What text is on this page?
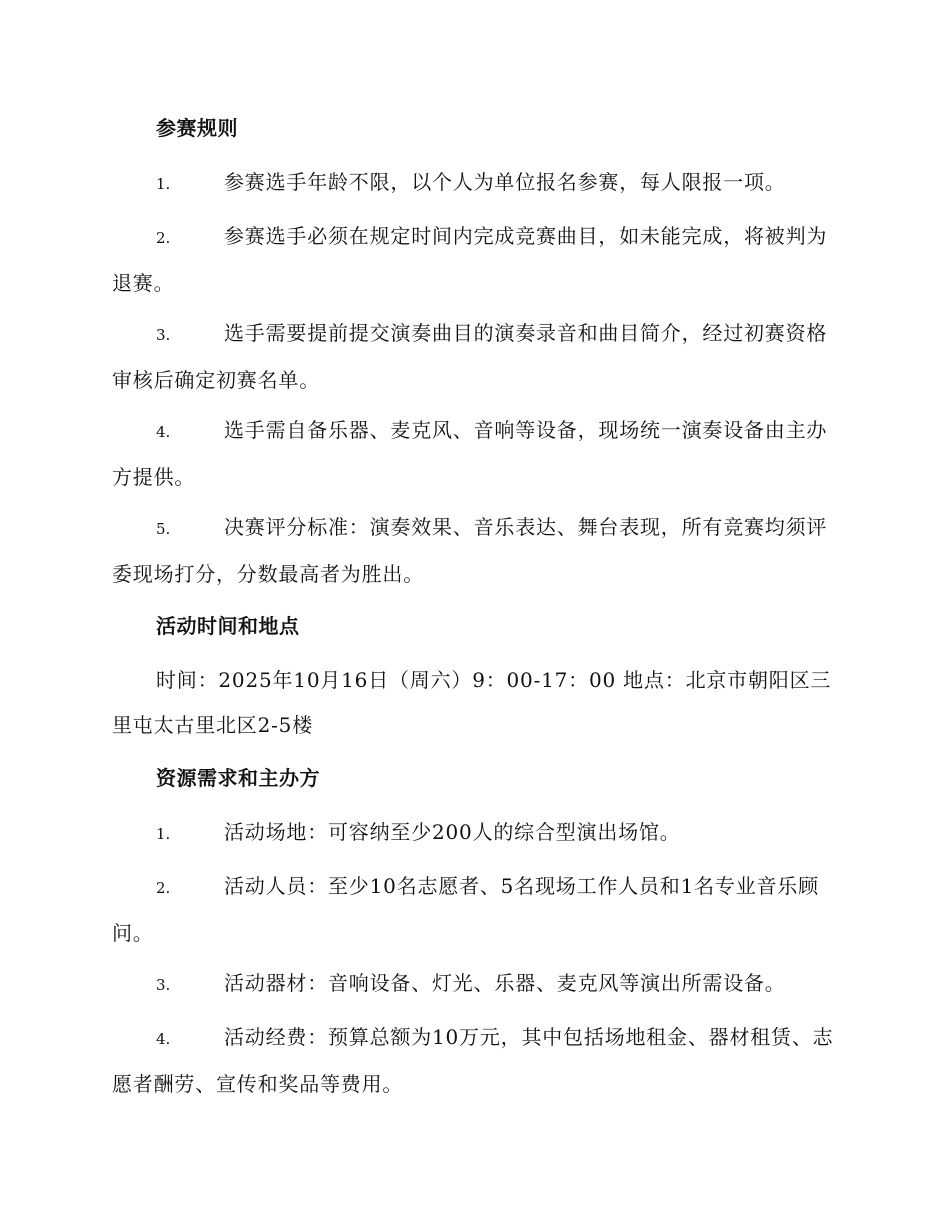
参赛规则
1.	参赛选手年龄不限，以个人为单位报名参赛，每人限报一项。
2.	参赛选手必须在规定时间内完成竞赛曲目，如未能完成，将被判为退赛。
3.	选手需要提前提交演奏曲目的演奏录音和曲目简介，经过初赛资格审核后确定初赛名单。
4.	选手需自备乐器、麦克风、音响等设备，现场统一演奏设备由主办方提供。
5.	决赛评分标准：演奏效果、音乐表达、舞台表现，所有竞赛均须评委现场打分，分数最高者为胜出。
活动时间和地点
时间：2025年10月16日（周六）9：00-17：00 地点：北京市朝阳区三里屯太古里北区2-5楼
资源需求和主办方
1.	活动场地：可容纳至少200人的综合型演出场馆。
2.	活动人员：至少10名志愿者、5名现场工作人员和1名专业音乐顾问。
3.	活动器材：音响设备、灯光、乐器、麦克风等演出所需设备。
4.	活动经费：预算总额为10万元，其中包括场地租金、器材租赁、志愿者酬劳、宣传和奖品等费用。
